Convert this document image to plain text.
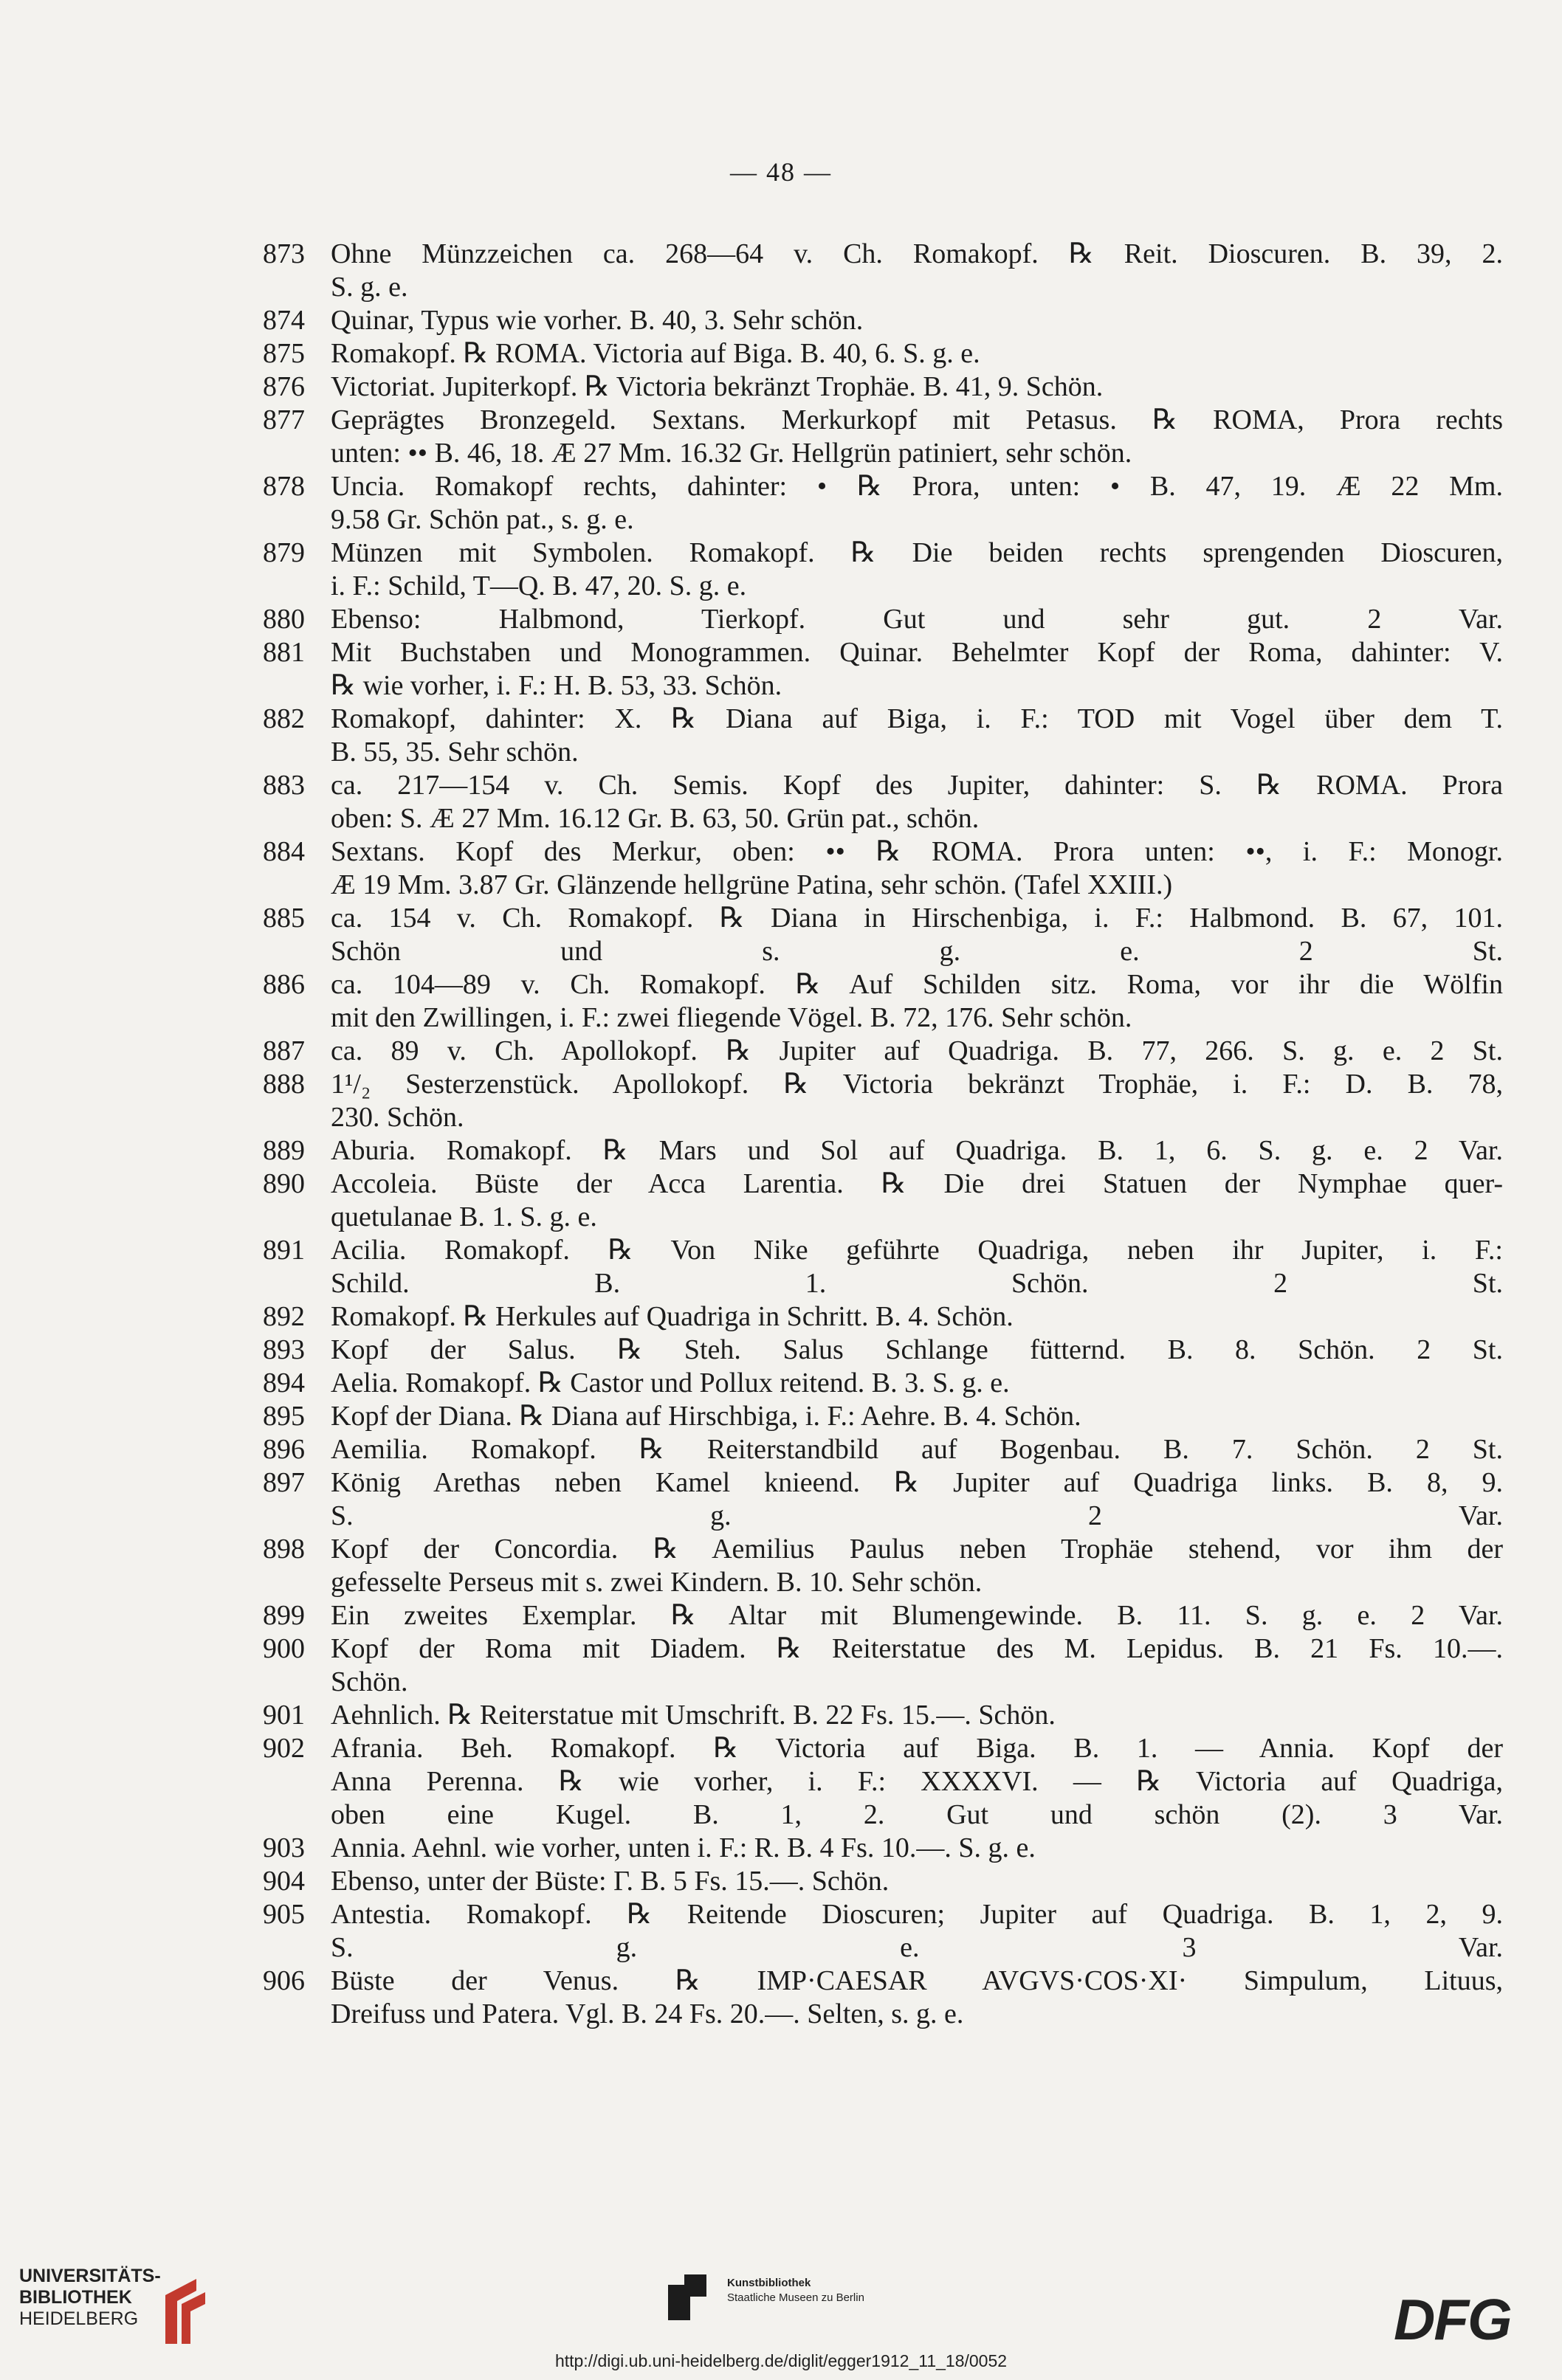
— 48 —
873 Ohne Münzzeichen ca. 268—64 v. Ch. Romakopf. ℞ Reit. Dioscuren. B. 39, 2.
S. g. e.
874 Quinar, Typus wie vorher. B. 40, 3. Sehr schön.
875 Romakopf. ℞ ROMA. Victoria auf Biga. B. 40, 6. S. g. e.
876 Victoriat. Jupiterkopf. ℞ Victoria bekränzt Trophäe. B. 41, 9. Schön.
877 Geprägtes Bronzegeld. Sextans. Merkurkopf mit Petasus. ℞ ROMA, Prora rechts
unten: •• B. 46, 18. Æ 27 Mm. 16.32 Gr. Hellgrün patiniert, sehr schön.
878 Uncia. Romakopf rechts, dahinter: • ℞ Prora, unten: • B. 47, 19. Æ 22 Mm.
9.58 Gr. Schön pat., s. g. e.
879 Münzen mit Symbolen. Romakopf. ℞ Die beiden rechts sprengenden Dioscuren,
i. F.: Schild, T—Q. B. 47, 20. S. g. e.
880 Ebenso: Halbmond, Tierkopf. Gut und sehr gut. 2 Var.
881 Mit Buchstaben und Monogrammen. Quinar. Behelmter Kopf der Roma, dahinter: V.
℞ wie vorher, i. F.: H. B. 53, 33. Schön.
882 Romakopf, dahinter: X. ℞ Diana auf Biga, i. F.: TOD mit Vogel über dem T.
B. 55, 35. Sehr schön.
883 ca. 217—154 v. Ch. Semis. Kopf des Jupiter, dahinter: S. ℞ ROMA. Prora
oben: S. Æ 27 Mm. 16.12 Gr. B. 63, 50. Grün pat., schön.
884 Sextans. Kopf des Merkur, oben: •• ℞ ROMA. Prora unten: ••, i. F.: Monogr.
Æ 19 Mm. 3.87 Gr. Glänzende hellgrüne Patina, sehr schön. (Tafel XXIII.)
885 ca. 154 v. Ch. Romakopf. ℞ Diana in Hirschenbiga, i. F.: Halbmond. B. 67, 101.
Schön und s. g. e. 2 St.
886 ca. 104—89 v. Ch. Romakopf. ℞ Auf Schilden sitz. Roma, vor ihr die Wölfin
mit den Zwillingen, i. F.: zwei fliegende Vögel. B. 72, 176. Sehr schön.
887 ca. 89 v. Ch. Apollokopf. ℞ Jupiter auf Quadriga. B. 77, 266. S. g. e. 2 St.
888 1¹/₂ Sesterzenstück. Apollokopf. ℞ Victoria bekränzt Trophäe, i. F.: D. B. 78,
230. Schön.
889 Aburia. Romakopf. ℞ Mars und Sol auf Quadriga. B. 1, 6. S. g. e. 2 Var.
890 Accoleia. Büste der Acca Larentia. ℞ Die drei Statuen der Nymphae quer-
quetulanae B. 1. S. g. e.
891 Acilia. Romakopf. ℞ Von Nike geführte Quadriga, neben ihr Jupiter, i. F.:
Schild. B. 1. Schön. 2 St.
892 Romakopf. ℞ Herkules auf Quadriga in Schritt. B. 4. Schön.
893 Kopf der Salus. ℞ Steh. Salus Schlange fütternd. B. 8. Schön. 2 St.
894 Aelia. Romakopf. ℞ Castor und Pollux reitend. B. 3. S. g. e.
895 Kopf der Diana. ℞ Diana auf Hirschbiga, i. F.: Aehre. B. 4. Schön.
896 Aemilia. Romakopf. ℞ Reiterstandbild auf Bogenbau. B. 7. Schön. 2 St.
897 König Arethas neben Kamel knieend. ℞ Jupiter auf Quadriga links. B. 8, 9.
S. g. 2 Var.
898 Kopf der Concordia. ℞ Aemilius Paulus neben Trophäe stehend, vor ihm der
gefesselte Perseus mit s. zwei Kindern. B. 10. Sehr schön.
899 Ein zweites Exemplar. ℞ Altar mit Blumengewinde. B. 11. S. g. e. 2 Var.
900 Kopf der Roma mit Diadem. ℞ Reiterstatue des M. Lepidus. B. 21 Fs. 10.—.
Schön.
901 Aehnlich. ℞ Reiterstatue mit Umschrift. B. 22 Fs. 15.—. Schön.
902 Afrania. Beh. Romakopf. ℞ Victoria auf Biga. B. 1. — Annia. Kopf der
Anna Perenna. ℞ wie vorher, i. F.: XXXXVI. — ℞ Victoria auf Quadriga,
oben eine Kugel. B. 1, 2. Gut und schön (2). 3 Var.
903 Annia. Aehnl. wie vorher, unten i. F.: R. B. 4 Fs. 10.—. S. g. e.
904 Ebenso, unter der Büste: Γ. B. 5 Fs. 15.—. Schön.
905 Antestia. Romakopf. ℞ Reitende Dioscuren; Jupiter auf Quadriga. B. 1, 2, 9.
S. g. e. 3 Var.
906 Büste der Venus. ℞ IMP·CAESAR AVGVS·COS·XI· Simpulum, Lituus,
Dreifuss und Patera. Vgl. B. 24 Fs. 20.—. Selten, s. g. e.
UNIVERSITÄTS-
BIBLIOTHEK
HEIDELBERG
Kunstbibliothek
Staatliche Museen zu Berlin	DFG
http://digi.ub.uni-heidelberg.de/diglit/egger1912_11_18/0052
